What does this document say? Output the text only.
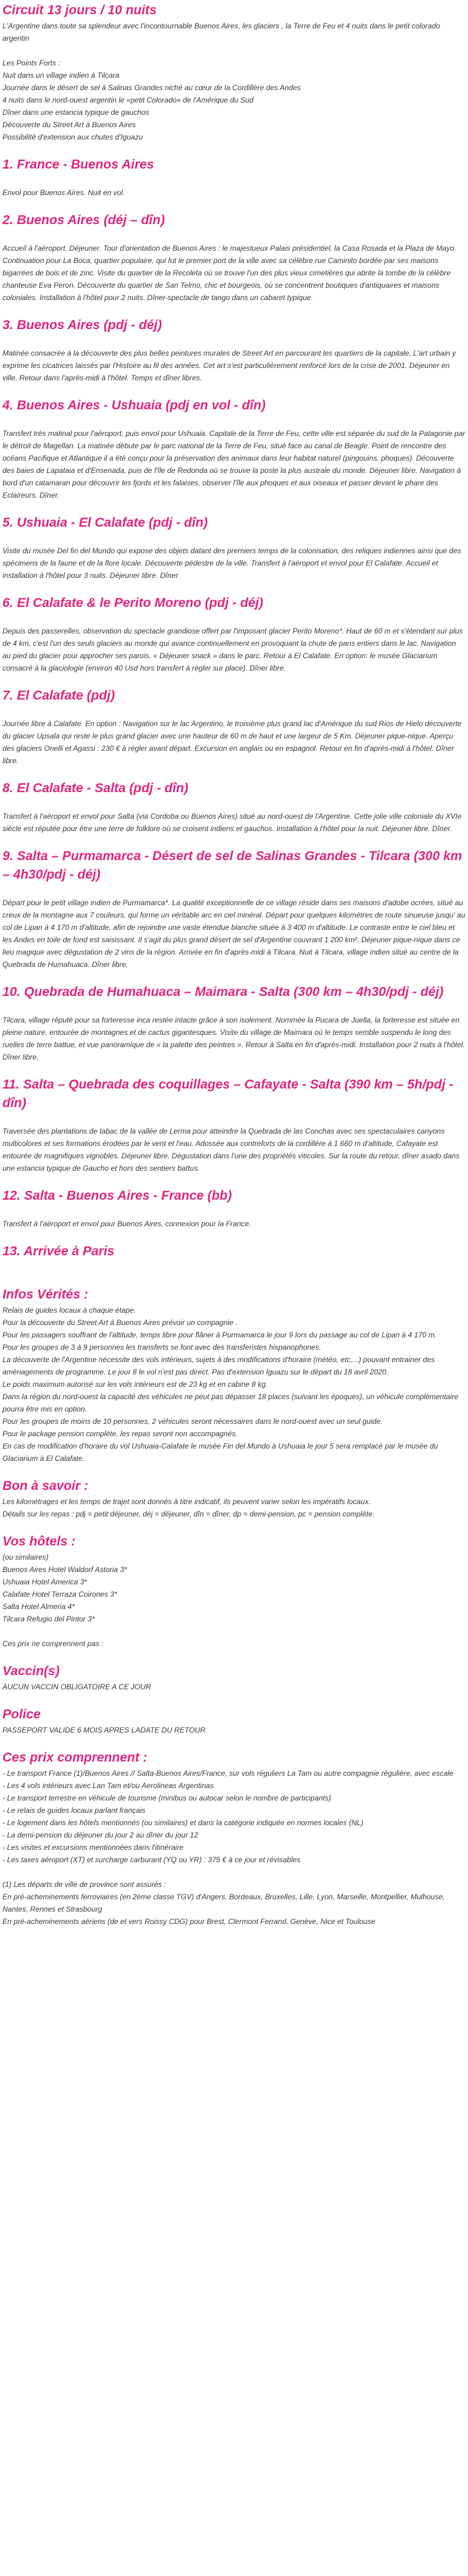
Circuit 13 jours / 10 nuits

L'Argentine dans toute sa splendeur avec l'incontournable Buenos Aires, les glaciers , la Terre de Feu et 4 nuits dans le petit colorado argentin

Les Points Forts :
Nuit dans un village indien à Tilcara
Journée dans le désert de sel à Salinas Grandes niché au cœur de la Cordillère des Andes
4 nuits dans le nord-ouest argentin le «petit Colorado» de l'Amérique du Sud
Dîner dans une estancia typique de gauchos
Découverte du Street Art à Buenos Aires
Possibilité d'extension aux chutes d'Iguazu
1. France - Buenos Aires

Envol pour Buenos Aires. Nuit en vol.

2. Buenos Aires (déj – dîn)

Accueil à l'aéroport. Déjeuner. Tour d'orientation de Buenos Aires : le majestueux Palais présidentiel, la Casa Rosada et la Plaza de Mayo. Continuation pour La Boca, quartier populaire, qui fut le premier port de la ville avec sa célèbre rue Caminito bordée par ses maisons bigarrées de bois et de zinc. Visite du quartier de la Recoleta où se trouve l'un des plus vieux cimetières qui abrite la tombe de la célèbre chanteuse Eva Peron. Découverte du quartier de San Telmo, chic et bourgeois, où se concentrent boutiques d'antiquaires et maisons coloniales. Installation à l'hôtel pour 2 nuits. Dîner-spectacle de tango dans un cabaret typique.

3. Buenos Aires (pdj - déj)

Matinée consacrée à la découverte des plus belles peintures murales de Street Art en parcourant les quartiers de la capitale. L'art urbain y exprime les cicatrices laissés par l'Histoire au fil des années. Cet art s'est particulièrement renforcé lors de la crise de 2001. Déjeuner en ville. Retour dans l'après-midi à l'hôtel. Temps et dîner libres.

4. Buenos Aires - Ushuaia (pdj en vol - dîn)

Transfert très matinal pour l'aéroport, puis envol pour Ushuaia. Capitale de la Terre de Feu, cette ville est séparée du sud de la Patagonie par le détroit de Magellan. La matinée débute par le parc national de la Terre de Feu, situé face au canal de Beagle. Point de rencontre des océans Pacifique et Atlantique il a été conçu pour la préservation des animaux dans leur habitat naturel (pingouins, phoques). Découverte des baies de Lapataia et d'Ensenada, puis de l'île de Redonda où se trouve la poste la plus australe du monde. Déjeuner libre. Navigation à bord d'un catamaran pour découvrir les fjords et les falaises, observer l'île aux phoques et aux oiseaux et passer devant le phare des Eclaireurs. Dîner.

5. Ushuaia - El Calafate (pdj - dîn)

Visite du musée Del fin del Mundo qui expose des objets datant des premiers temps de la colonisation, des reliques indiennes ainsi que des spécimens de la faune et de la flore locale. Découverte pédestre de la ville. Transfert à l'aéroport et envol pour El Calafate. Accueil et installation à l'hôtel pour 3 nuits. Déjeuner libre. Dîner.

6. El Calafate & le Perito Moreno (pdj - déj)

Depuis des passerelles, observation du spectacle grandiose offert par l'imposant glacier Perito Moreno*. Haut de 60 m et s'étendant sur plus de 4 km, c'est l'un des seuls glaciers au monde qui avance continuellement en provoquant la chute de pans entiers dans le lac. Navigation au pied du glacier pour approcher ses parois. « Déjeuner snack » dans le parc. Retour à El Calafate. En option: le musée Glaciarium consacré à la glaciologie (environ 40 Usd hors transfert à régler sur place). Dîner libre.

7. El Calafate (pdj)

Journée libre à Calafate. En option : Navigation sur le lac Argentino, le troisième plus grand lac d'Amérique du sud Rios de Hielo découverte du glacier Upsala qui reste le plus grand glacier avec une hauteur de 60 m de haut et une largeur de 5 Km. Déjeuner pique-nique. Aperçu des glaciers Onelli et Agassi : 230 € à régler avant départ. Excursion en anglais ou en espagnol. Retour en fin d'après-midi à l'hôtel. Dîner libre.

8. El Calafate - Salta (pdj - dîn)

Transfert à l'aéroport et envol pour Salta (via Cordoba ou Buenos Aires) situé au nord-ouest de l'Argentine. Cette jolie ville coloniale du XVIe siècle est réputée pour être une terre de folklore où se croisent indiens et gauchos. Installation à l'hôtel pour la nuit. Déjeuner libre. Dîner.

9. Salta – Purmamarca - Désert de sel de Salinas Grandes - Tilcara (300 km – 4h30/pdj - déj)

Départ pour le petit village indien de Purmamarca*. La qualité exceptionnelle de ce village réside dans ses maisons d'adobe ocrées, situé au creux de la montagne aux 7 couleurs, qui forme un véritable arc en ciel minéral. Départ pour quelques kilomètres de route sinueuse jusqu' au col de Lipan à 4 170 m d'altitude, afin de rejoindre une vaste étendue blanche située à 3 400 m d'altitude. Le contraste entre le ciel bleu et les Andes en toile de fond est saisissant. Il s'agit du plus grand désert de sel d'Argentine couvrant 1 200 km². Déjeuner pique-nique dans ce lieu magique avec dégustation de 2 vins de la région. Arrivée en fin d'après-midi à Tilcara. Nuit à Tilcara, village indien situé au centre de la Quebrada de Humahuaca. Dîner libre.

10. Quebrada de Humahuaca – Maimara - Salta (300 km – 4h30/pdj - déj)

Tilcara, village réputé pour sa forteresse inca restée intacte grâce à son isolement. Nommée la Pucara de Juella, la forteresse est située en pleine nature, entourée de montagnes et de cactus gigantesques. Visite du village de Maimara où le temps semble suspendu le long des ruelles de terre battue, et vue panoramique de « la palette des peintres ». Retour à Salta en fin d'après-midi. Installation pour 2 nuits à l'hôtel. Dîner libre.

11. Salta – Quebrada des coquillages – Cafayate - Salta (390 km – 5h/pdj - dîn)

Traversée des plantations de tabac de la vallée de Lerma pour atteindre la Quebrada de las Conchas avec ses spectaculaires canyons multicolores et ses formations érodées par le vent et l'eau. Adossée aux contreforts de la cordillère à 1 660 m d'altitude, Cafayate est entourée de magnifiques vignobles. Déjeuner libre. Dégustation dans l'une des propriétés viticoles. Sur la route du retour, dîner asado dans une estancia typique de Gaucho et hors des sentiers battus.

12. Salta - Buenos Aires - France (bb)

Transfert à l'aéroport et envol pour Buenos Aires, connexion pour la France.

13. Arrivée à Paris

Infos Vérités :
Relais de guides locaux à chaque étape.
Pour la découverte du Street Art à Buenos Aires prévoir un compagnie .
Pour les passagers souffrant de l'altitude, temps libre pour flâner à Purmamarca le jour 9 lors du passage au col de Lipan à 4 170 m.
Pour les groupes de 3 à 9 personnes les transferts se font avec des transferistes hispanophones.
La découverte de l'Argentine nécessite des vols intérieurs, sujets à des modifications d'horaire (météo, etc,...) pouvant entrainer des aménagements de programme. Le jour 8 le vol n'est pas direct. Pas d'extension Iguazu sur le départ du 18 avril 2020.
Le poids maximum autorisé sur les vols intérieurs est de 23 kg et en cabine 8 kg.
Dans la région du nord-ouest la capacité des véhicules ne peut pas dépasser 18 places (suivant les époques), un véhicule complémentaire pourra être mis en option.
Pour les groupes de moins de 10 personnes, 2 véhicules seront nécessaires dans le nord-ouest avec un seul guide.
Pour le package pension complète, les repas seront non accompagnés.
En cas de modification d'horaire du vol Ushuaia-Calafate le musée Fin del Mundo à Ushuaia le jour 5 sera remplacé par le musée du Glaciarium à El Calafate.
Bon à savoir :
Les kilométrages et les temps de trajet sont donnés à titre indicatif, ils peuvent varier selon les impératifs locaux.
Détails sur les repas : pdj = petit déjeuner, déj = déjeuner, dîn = dîner, dp = demi-pension, pc = pension complète.
Vos hôtels :
(ou similaires)
Buenos Aires Hotel Waldorf Astoria 3*
Ushuaia Hotel America 3*
Calafate Hotel Terraza Coirones 3*
Salta Hotel Almeria 4*
Tilcara Refugio del Pintor 3*

Ces prix ne comprennent pas :

Vaccin(s)

AUCUN VACCIN OBLIGATOIRE A CE JOUR

Police

PASSEPORT VALIDE 6 MOIS APRES LADATE DU RETOUR

Ces prix comprennent :
- Le transport France (1)/Buenos Aires // Salta-Buenos Aires/France, sur vols réguliers La Tam ou autre compagnie régulière, avec escale
- Les 4 vols intérieurs avec Lan Tam et/ou Aerolineas Argentinas
- Le transport terrestre en véhicule de tourisme (minibus ou autocar selon le nombre de participants)
- Le relais de guides locaux parlant français
- Le logement dans les hôtels mentionnés (ou similaires) et dans la catégorie indiquée en normes locales (NL)
- La demi-pension du déjeuner du jour 2 au dîner du jour 12
- Les visites et excursions mentionnées dans l'itinéraire
- Les taxes aéroport (XT) et surcharge carburant (YQ ou YR) : 375 € à ce jour et révisables
(1) Les départs de ville de province sont assurés :
En pré-acheminements ferroviaires (en 2ème classe TGV) d'Angers, Bordeaux, Bruxelles, Lille, Lyon, Marseille, Montpellier, Mulhouse, Nantes, Rennes et Strasbourg
En pré-acheminements aériens (de et vers Roissy CDG) pour Brest, Clermont Ferrand, Genève, Nice et Toulouse
